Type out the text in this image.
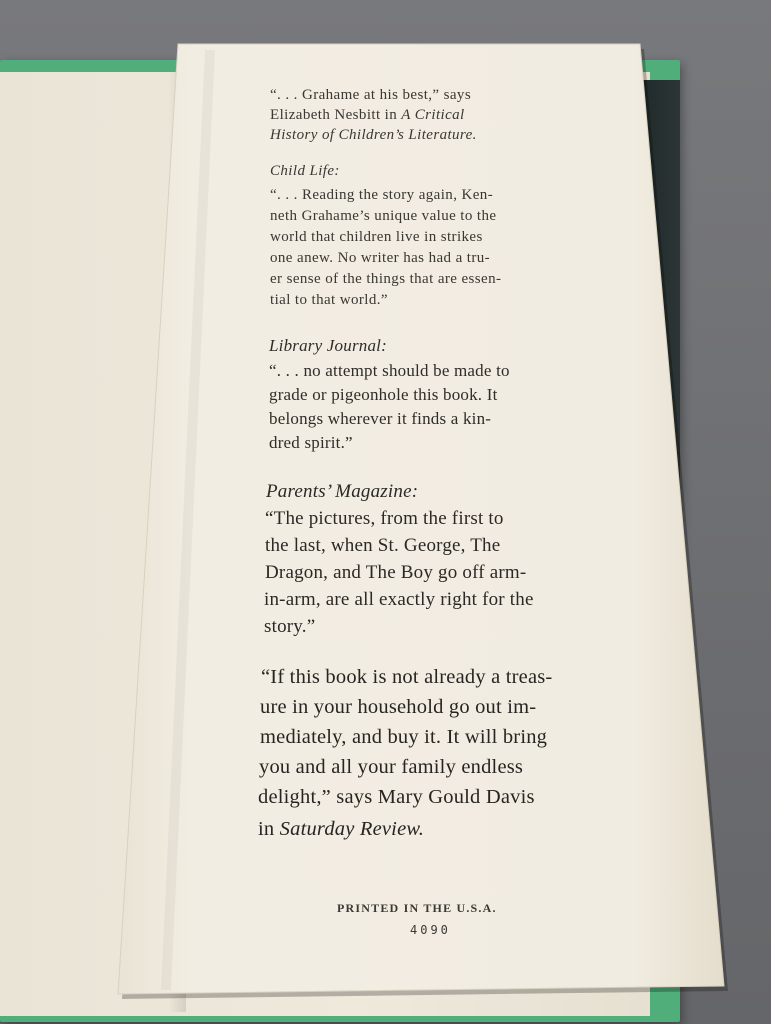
“. . . Grahame at his best,” says
Elizabeth Nesbitt in A Critical
History of Children’s Literature.
Child Life:
“. . . Reading the story again, Ken-
neth Grahame’s unique value to the
world that children live in strikes
one anew. No writer has had a tru-
er sense of the things that are essen-
tial to that world.”
Library Journal:
“. . . no attempt should be made to
grade or pigeonhole this book. It
belongs wherever it finds a kin-
dred spirit.”
Parents’ Magazine:
“The pictures, from the first to
the last, when St. George, The
Dragon, and The Boy go off arm-
in-arm, are all exactly right for the
story.”
“If this book is not already a treas-
ure in your household go out im-
mediately, and buy it. It will bring
you and all your family endless
delight,” says Mary Gould Davis
in Saturday Review.
PRINTED IN THE U.S.A.
4090
